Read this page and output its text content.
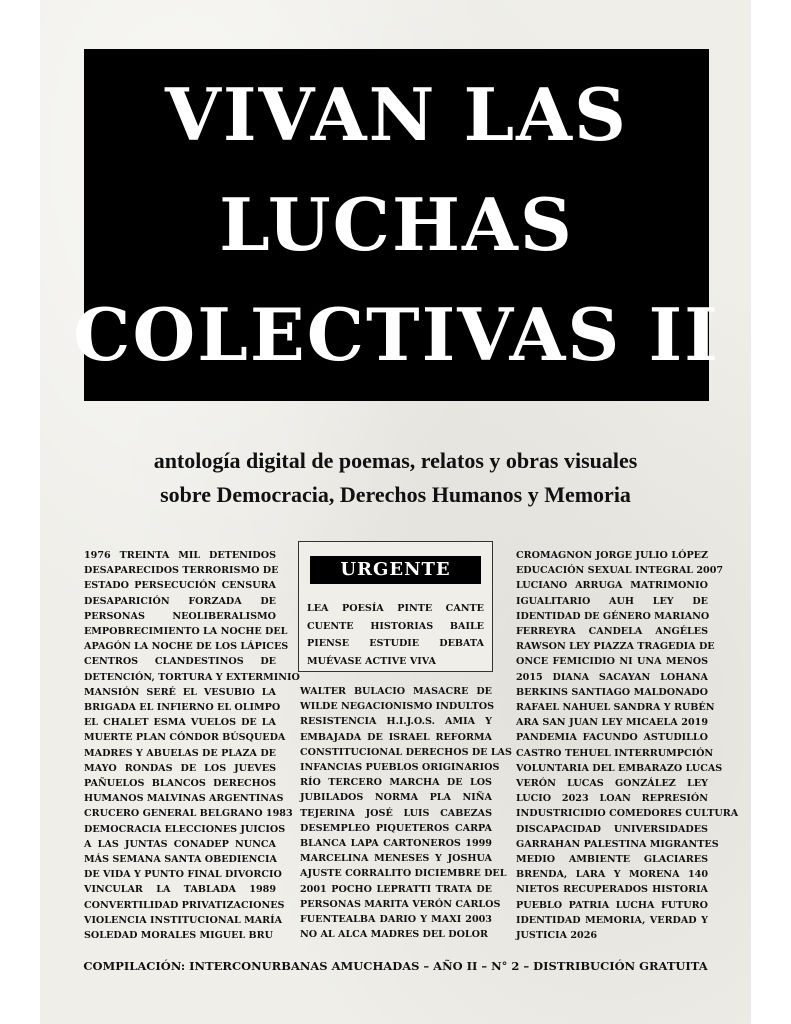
VIVAN LAS
LUCHAS
COLECTIVAS II
antología digital de poemas, relatos y obras visuales
sobre Democracia, Derechos Humanos y Memoria
1976 TREINTA MIL DETENIDOS
DESAPARECIDOS TERRORISMO DE
ESTADO PERSECUCIÓN CENSURA
DESAPARICIÓN FORZADA DE
PERSONAS NEOLIBERALISMO
EMPOBRECIMIENTO LA NOCHE DEL
APAGÓN LA NOCHE DE LOS LÁPICES
CENTROS CLANDESTINOS DE
DETENCIÓN, TORTURA Y EXTERMINIO
MANSIÓN SERÉ EL VESUBIO LA
BRIGADA EL INFIERNO EL OLIMPO
EL CHALET ESMA VUELOS DE LA
MUERTE PLAN CÓNDOR BÚSQUEDA
MADRES Y ABUELAS DE PLAZA DE
MAYO RONDAS DE LOS JUEVES
PAÑUELOS BLANCOS DERECHOS
HUMANOS MALVINAS ARGENTINAS
CRUCERO GENERAL BELGRANO 1983
DEMOCRACIA ELECCIONES JUICIOS
A LAS JUNTAS CONADEP NUNCA
MÁS SEMANA SANTA OBEDIENCIA
DE VIDA Y PUNTO FINAL DIVORCIO
VINCULAR LA TABLADA 1989
CONVERTILIDAD PRIVATIZACIONES
VIOLENCIA INSTITUCIONAL MARÍA
SOLEDAD MORALES MIGUEL BRU
URGENTE
LEA POESÍA PINTE CANTE
CUENTE HISTORIAS BAILE
PIENSE ESTUDIE DEBATA
MUÉVASE ACTIVE VIVA
WALTER BULACIO MASACRE DE
WILDE NEGACIONISMO INDULTOS
RESISTENCIA H.I.J.O.S. AMIA Y
EMBAJADA DE ISRAEL REFORMA
CONSTITUCIONAL DERECHOS DE LAS
INFANCIAS PUEBLOS ORIGINARIOS
RÍO TERCERO MARCHA DE LOS
JUBILADOS NORMA PLA NIÑA
TEJERINA JOSÉ LUIS CABEZAS
DESEMPLEO PIQUETEROS CARPA
BLANCA LAPA CARTONEROS 1999
MARCELINA MENESES Y JOSHUA
AJUSTE CORRALITO DICIEMBRE DEL
2001 POCHO LEPRATTI TRATA DE
PERSONAS MARITA VERÓN CARLOS
FUENTEALBA DARIO Y MAXI 2003
NO AL ALCA MADRES DEL DOLOR
CROMAGNON JORGE JULIO LÓPEZ
EDUCACIÓN SEXUAL INTEGRAL 2007
LUCIANO ARRUGA MATRIMONIO
IGUALITARIO AUH LEY DE
IDENTIDAD DE GÉNERO MARIANO
FERREYRA CANDELA ANGÉLES
RAWSON LEY PIAZZA TRAGEDIA DE
ONCE FEMICIDIO NI UNA MENOS
2015 DIANA SACAYAN LOHANA
BERKINS SANTIAGO MALDONADO
RAFAEL NAHUEL SANDRA Y RUBÉN
ARA SAN JUAN LEY MICAELA 2019
PANDEMIA FACUNDO ASTUDILLO
CASTRO TEHUEL INTERRUMPCIÓN
VOLUNTARIA DEL EMBARAZO LUCAS
VERÓN LUCAS GONZÁLEZ LEY
LUCIO 2023 LOAN REPRESIÓN
INDUSTRICIDIO COMEDORES CULTURA
DISCAPACIDAD UNIVERSIDADES
GARRAHAN PALESTINA MIGRANTES
MEDIO AMBIENTE GLACIARES
BRENDA, LARA Y MORENA 140
NIETOS RECUPERADOS HISTORIA
PUEBLO PATRIA LUCHA FUTURO
IDENTIDAD MEMORIA, VERDAD Y
JUSTICIA 2026
COMPILACIÓN: INTERCONURBANAS AMUCHADAS – AÑO II – N° 2 – DISTRIBUCIÓN GRATUITA
